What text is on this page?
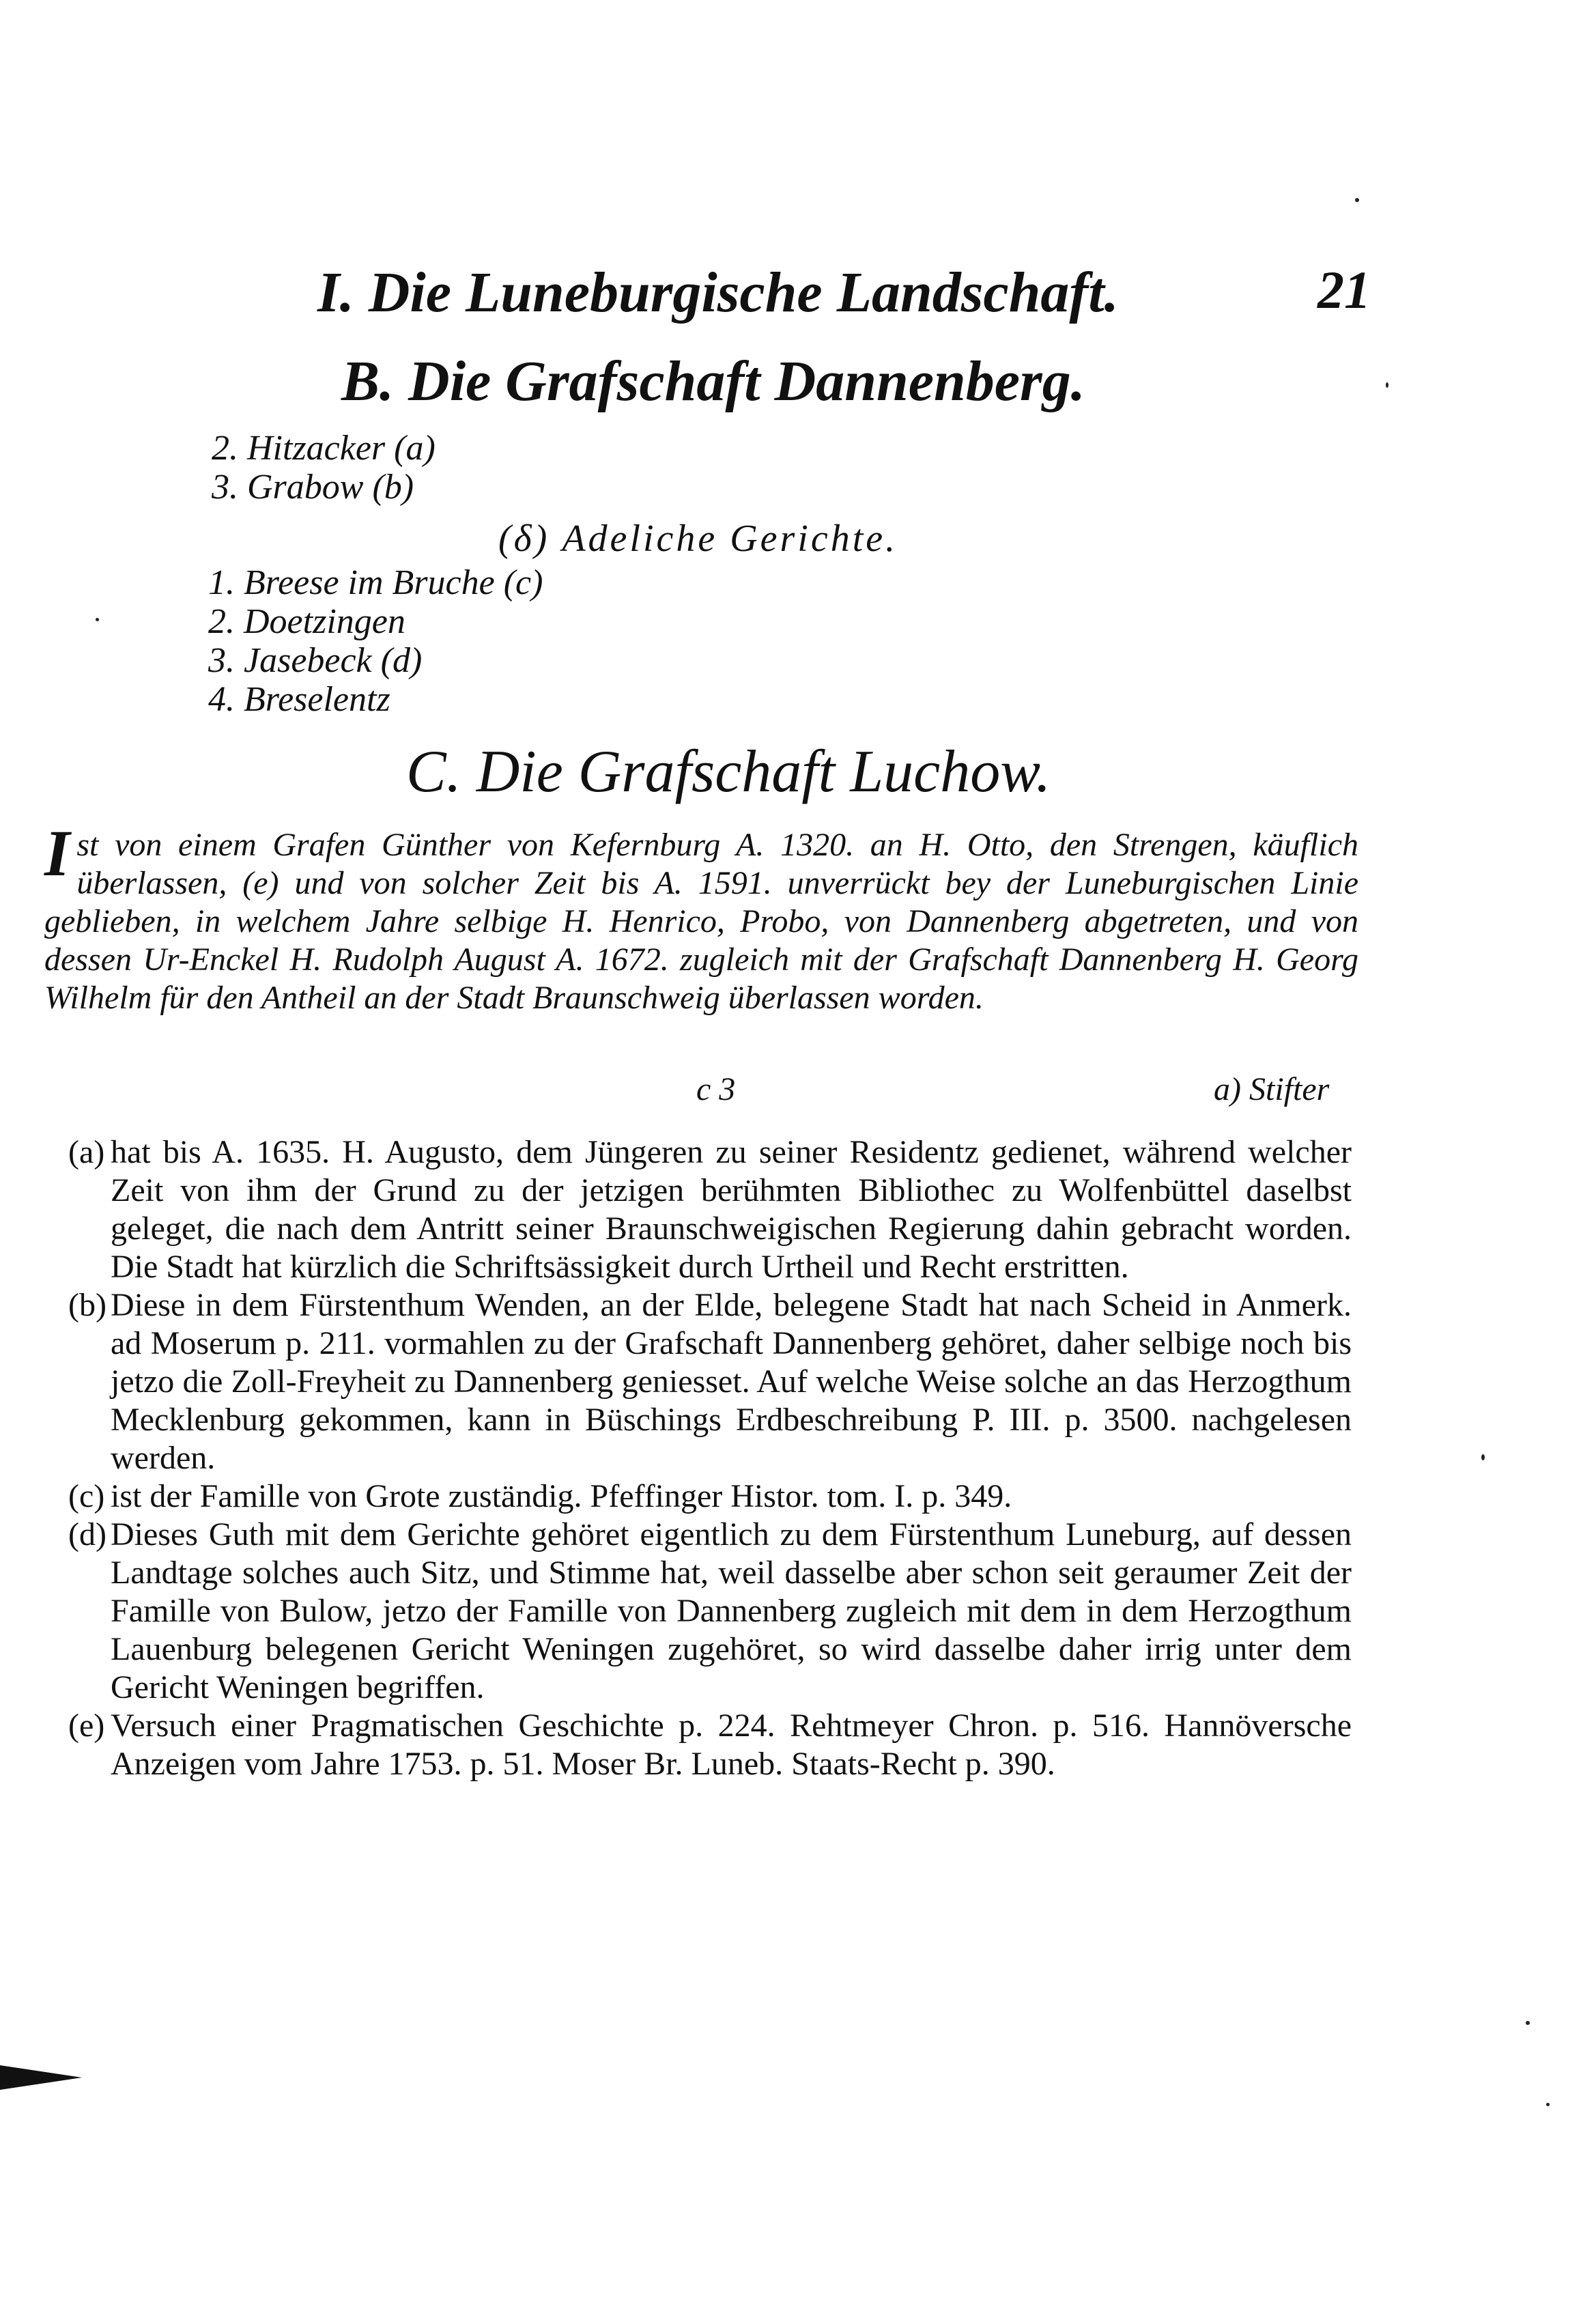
I. Die Luneburgische Landschaft.	21
B. Die Grafschaft Dannenberg.
2. Hitzacker (a)
3. Grabow (b)
(δ) Adeliche Gerichte.
1. Breese im Bruche (c)
2. Doetzingen
3. Jasebeck (d)
4. Breselentz
C. Die Grafschaft Luchow.
Ist von einem Grafen Günther von Kefernburg A. 1320. an H. Otto, den Strengen, käuflich überlassen, (e) und von solcher Zeit bis A. 1591. unverrückt bey der Luneburgischen Linie geblieben, in welchem Jahre selbige H. Henrico, Probo, von Dannenberg abgetreten, und von dessen Ur-Enckel H. Rudolph August A. 1672. zugleich mit der Grafschaft Dannenberg H. Georg Wilhelm für den Antheil an der Stadt Braunschweig überlassen worden.
c 3	a) Stifter
(a) hat bis A. 1635. H. Augusto, dem Jüngeren zu seiner Residentz gedienet, während welcher Zeit von ihm der Grund zu der jetzigen berühmten Bibliothec zu Wolfenbüttel daselbst geleget, die nach dem Antritt seiner Braunschweigischen Regierung dahin gebracht worden. Die Stadt hat kürzlich die Schriftsässigkeit durch Urtheil und Recht erstritten.
(b) Diese in dem Fürstenthum Wenden, an der Elde, belegene Stadt hat nach Scheid in Anmerk. ad Moserum p. 211. vormahlen zu der Grafschaft Dannenberg gehöret, daher selbige noch bis jetzo die Zoll-Freyheit zu Dannenberg geniesset. Auf welche Weise solche an das Herzogthum Mecklenburg gekommen, kann in Büschings Erdbeschreibung P. III. p. 3500. nachgelesen werden.
(c) ist der Famille von Grote zuständig. Pfeffinger Histor. tom. I. p. 349.
(d) Dieses Guth mit dem Gerichte gehöret eigentlich zu dem Fürstenthum Luneburg, auf dessen Landtage solches auch Sitz, und Stimme hat, weil dasselbe aber schon seit geraumer Zeit der Famille von Bulow, jetzo der Famille von Dannenberg zugleich mit dem in dem Herzogthum Lauenburg belegenen Gericht Weningen zugehöret, so wird dasselbe daher irrig unter dem Gericht Weningen begriffen.
(e) Versuch einer Pragmatischen Geschichte p. 224. Rehtmeyer Chron. p. 516. Hannöversche Anzeigen vom Jahre 1753. p. 51. Moser Br. Luneb. Staats-Recht p. 390.
